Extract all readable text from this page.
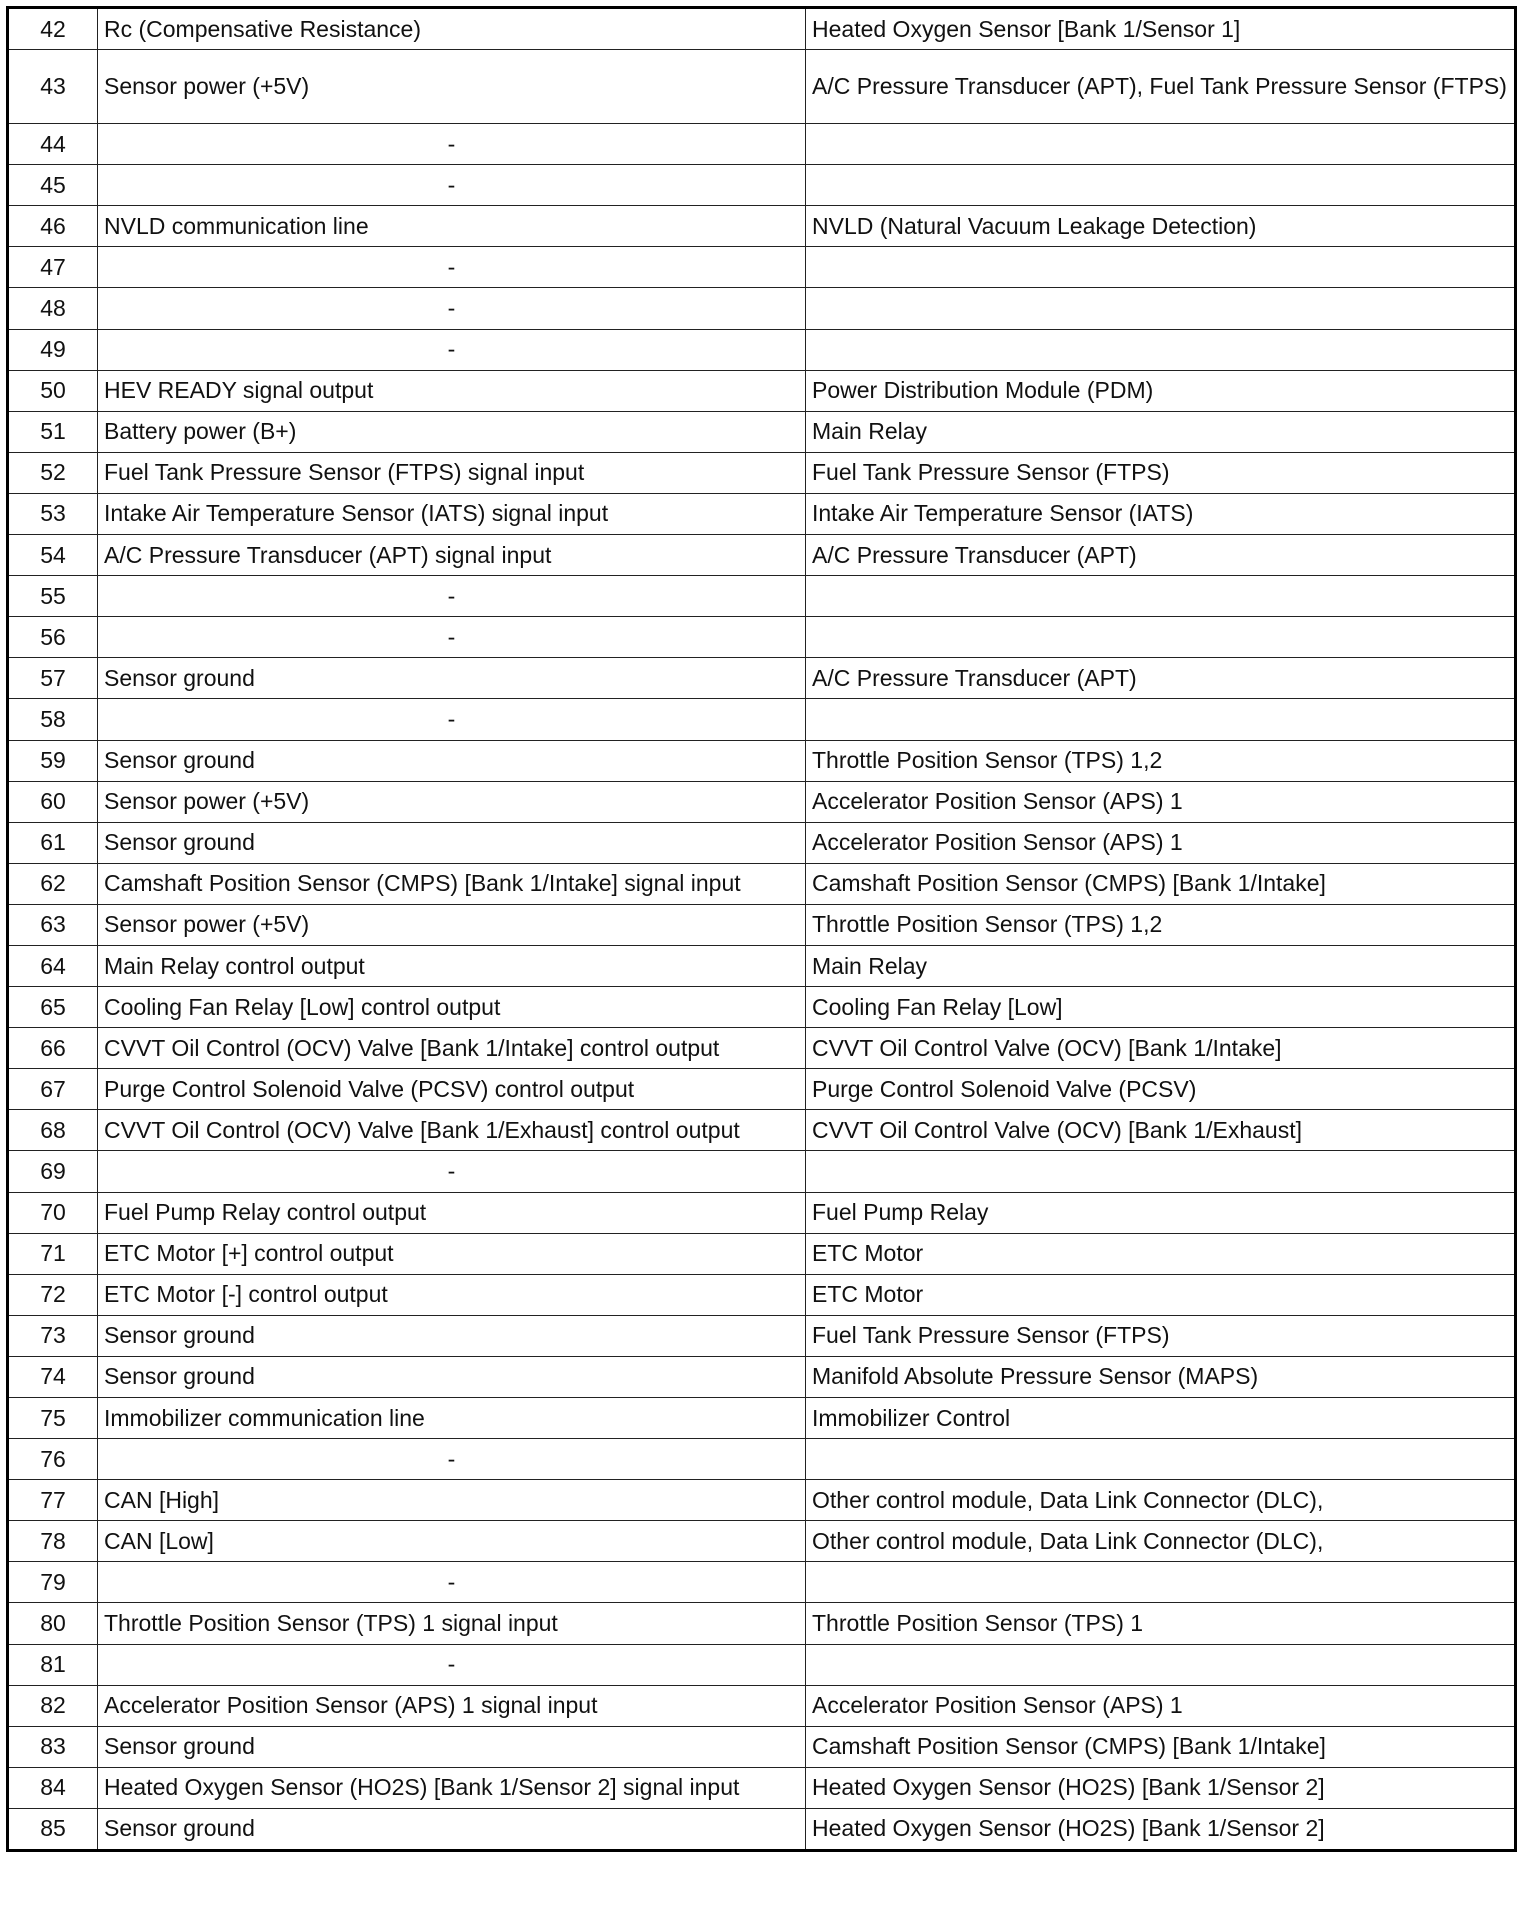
42	Rc (Compensative Resistance)	Heated Oxygen Sensor [Bank 1/Sensor 1]
43	Sensor power (+5V)	A/C Pressure Transducer (APT), Fuel Tank Pressure Sensor (FTPS)
44	-	
45	-	
46	NVLD communication line	NVLD (Natural Vacuum Leakage Detection)
47	-	
48	-	
49	-	
50	HEV READY signal output	Power Distribution Module (PDM)
51	Battery power (B+)	Main Relay
52	Fuel Tank Pressure Sensor (FTPS) signal input	Fuel Tank Pressure Sensor (FTPS)
53	Intake Air Temperature Sensor (IATS) signal input	Intake Air Temperature Sensor (IATS)
54	A/C Pressure Transducer (APT) signal input	A/C Pressure Transducer (APT)
55	-	
56	-	
57	Sensor ground	A/C Pressure Transducer (APT)
58	-	
59	Sensor ground	Throttle Position Sensor (TPS) 1,2
60	Sensor power (+5V)	Accelerator Position Sensor (APS) 1
61	Sensor ground	Accelerator Position Sensor (APS) 1
62	Camshaft Position Sensor (CMPS) [Bank 1/Intake] signal input	Camshaft Position Sensor (CMPS) [Bank 1/Intake]
63	Sensor power (+5V)	Throttle Position Sensor (TPS) 1,2
64	Main Relay control output	Main Relay
65	Cooling Fan Relay [Low] control output	Cooling Fan Relay [Low]
66	CVVT Oil Control (OCV) Valve [Bank 1/Intake] control output	CVVT Oil Control Valve (OCV) [Bank 1/Intake]
67	Purge Control Solenoid Valve (PCSV) control output	Purge Control Solenoid Valve (PCSV)
68	CVVT Oil Control (OCV) Valve [Bank 1/Exhaust] control output	CVVT Oil Control Valve (OCV) [Bank 1/Exhaust]
69	-	
70	Fuel Pump Relay control output	Fuel Pump Relay
71	ETC Motor [+] control output	ETC Motor
72	ETC Motor [-] control output	ETC Motor
73	Sensor ground	Fuel Tank Pressure Sensor (FTPS)
74	Sensor ground	Manifold Absolute Pressure Sensor (MAPS)
75	Immobilizer communication line	Immobilizer Control
76	-	
77	CAN [High]	Other control module, Data Link Connector (DLC),
78	CAN [Low]	Other control module, Data Link Connector (DLC),
79	-	
80	Throttle Position Sensor (TPS) 1 signal input	Throttle Position Sensor (TPS) 1
81	-	
82	Accelerator Position Sensor (APS) 1 signal input	Accelerator Position Sensor (APS) 1
83	Sensor ground	Camshaft Position Sensor (CMPS) [Bank 1/Intake]
84	Heated Oxygen Sensor (HO2S) [Bank 1/Sensor 2] signal input	Heated Oxygen Sensor (HO2S) [Bank 1/Sensor 2]
85	Sensor ground	Heated Oxygen Sensor (HO2S) [Bank 1/Sensor 2]
